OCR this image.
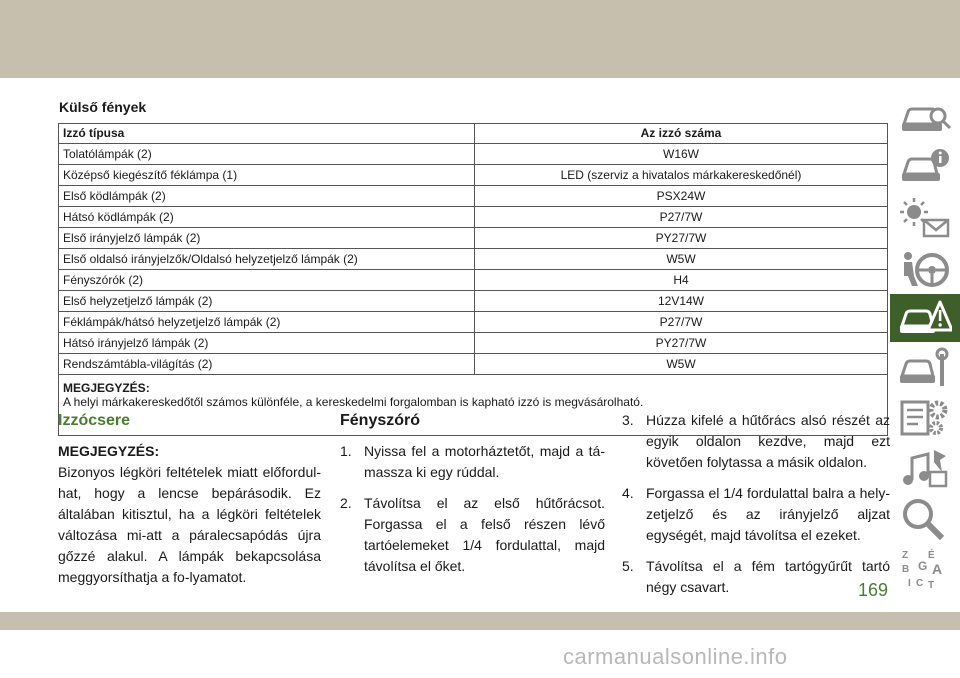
Külső fények
Izzó típusa	Az izzó száma
Tolatólámpák (2)	W16W
Középső kiegészítő féklámpa (1)	LED (szerviz a hivatalos márkakereskedőnél)
Első ködlámpák (2)	PSX24W
Hátsó ködlámpák (2)	P27/7W
Első irányjelző lámpák (2)	PY27/7W
Első oldalsó irányjelzők/Oldalsó helyzetjelző lámpák (2)	W5W
Fényszórók (2)	H4
Első helyzetjelző lámpák (2)	12V14W
Féklámpák/hátsó helyzetjelző lámpák (2)	P27/7W
Hátsó irányjelző lámpák (2)	PY27/7W
Rendszámtábla-világítás (2)	W5W

MEGJEGYZÉS:
A helyi márkakereskedőtől számos különféle, a kereskedelmi forgalomban is kapható izzó is megvásárolható.	
Izzócsere
MEGJEGYZÉS:
Bizonyos légköri feltételek miatt előfordul-hat, hogy a lencse bepárásodik. Ez általában kitisztul, ha a légköri feltételek változása mi-att a páralecsapódás újra gőzzé alakul. A lámpák bekapcsolása meggyorsíthatja a fo-lyamatot.
Fényszóró
1. Nyissa fel a motorháztetőt, majd a tá-massza ki egy rúddal.
2. Távolítsa el az első hűtőrácsot. Forgassa el a felső részen lévő tartóelemeket 1/4 fordulattal, majd távolítsa el őket.
3. Húzza kifelé a hűtőrács alsó részét az egyik oldalon kezdve, majd ezt követően folytassa a másik oldalon.
4. Forgassa el 1/4 fordulattal balra a hely-zetjelző és az irányjelző aljzat egységét, majd távolítsa el ezeket.
5. Távolítsa el a fém tartógyűrűt tartó négy csavart.
Z É
B G A
I C T
169
carmanualsonline.info
